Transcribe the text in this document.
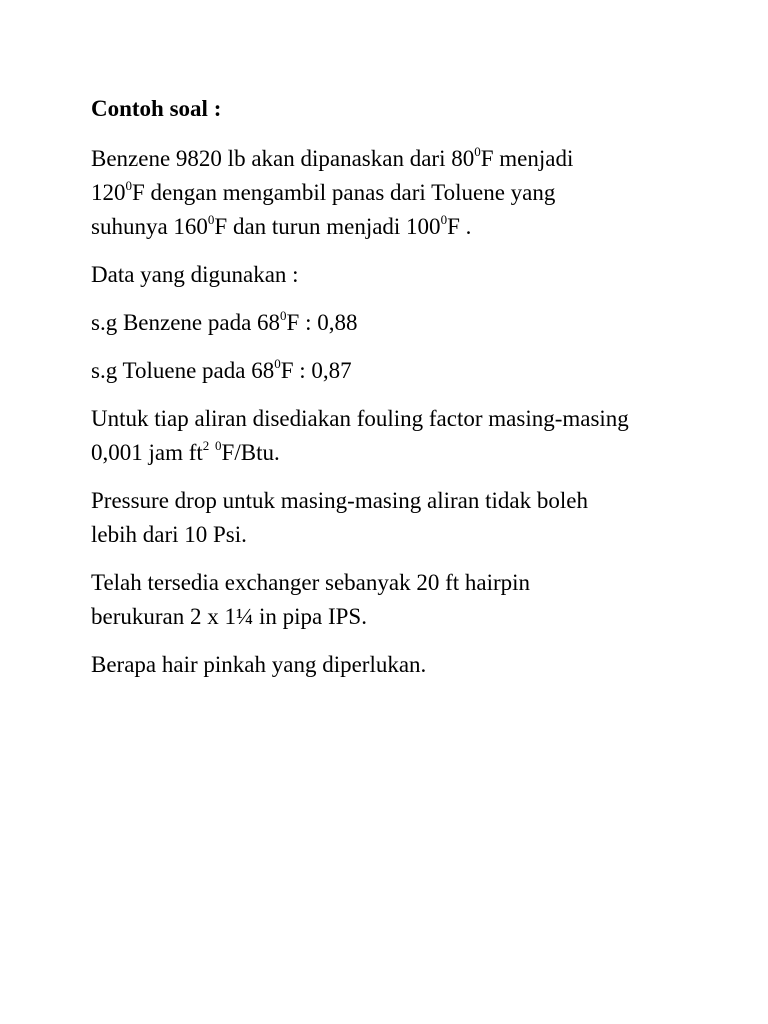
Contoh soal :
Benzene 9820 lb akan dipanaskan dari $80^0F$ menjadi
$120^0F$ dengan mengambil panas dari Toluene yang
suhunya $160^0F$ dan turun menjadi $100^0F$ .
Data yang digunakan :
s.g Benzene pada $68^0F$ : 0,88
s.g Toluene pada $68^0F$ : 0,87
Untuk tiap aliran disediakan fouling factor masing-masing
0,001 jam $ft^2$ $^0$F/Btu.
Pressure drop untuk masing-masing aliran tidak boleh
lebih dari 10 Psi.
Telah tersedia exchanger sebanyak 20 ft hairpin
berukuran 2 x 1¼ in pipa IPS.
Berapa hair pinkah yang diperlukan.
